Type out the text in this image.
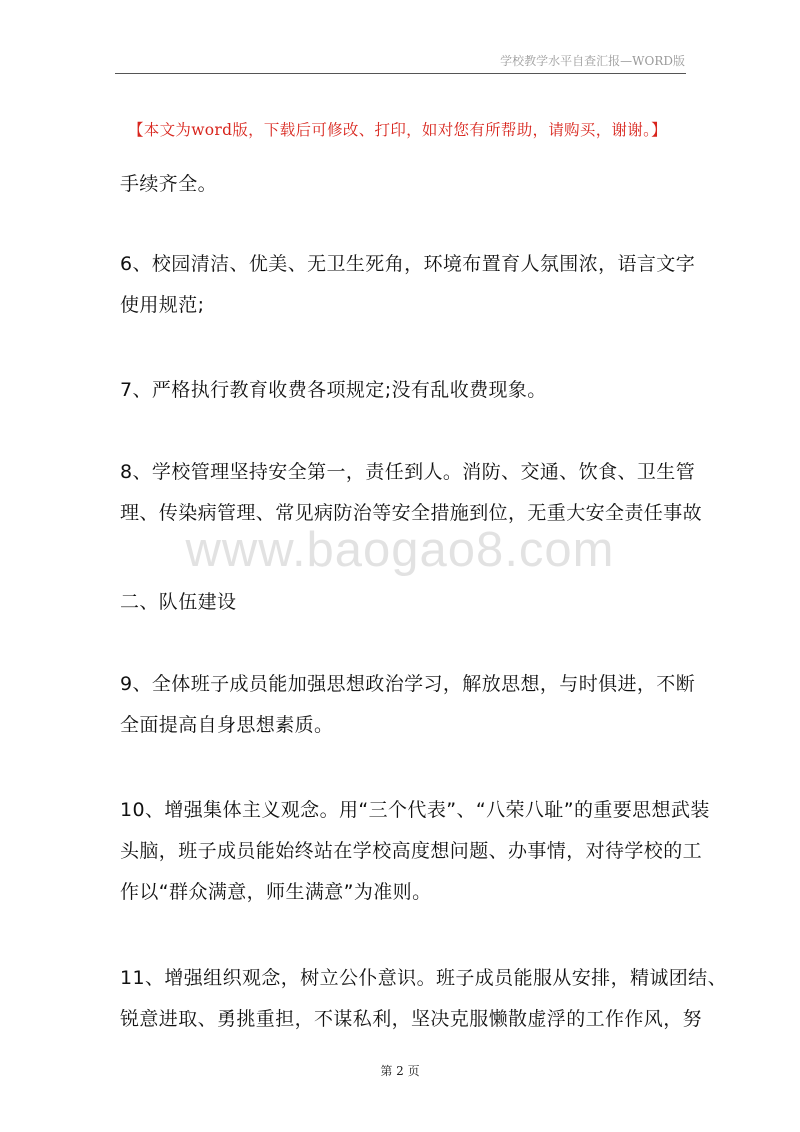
学校教学水平自查汇报—WORD版
【本文为word版，下载后可修改、打印，如对您有所帮助，请购买，谢谢。】
www.baogao8.com
手续齐全。
6、校园清洁、优美、无卫生死角，环境布置育人氛围浓，语言文字
使用规范;
7、严格执行教育收费各项规定;没有乱收费现象。
8、学校管理坚持安全第一，责任到人。消防、交通、饮食、卫生管
理、传染病管理、常见病防治等安全措施到位，无重大安全责任事故
二、队伍建设
9、全体班子成员能加强思想政治学习，解放思想，与时俱进，不断
全面提高自身思想素质。
10、增强集体主义观念。用“三个代表”、“八荣八耻”的重要思想武装
头脑，班子成员能始终站在学校高度想问题、办事情，对待学校的工
作以“群众满意，师生满意”为准则。
11、增强组织观念，树立公仆意识。班子成员能服从安排，精诚团结、
锐意进取、勇挑重担，不谋私利，坚决克服懒散虚浮的工作作风，努
第 2 页
